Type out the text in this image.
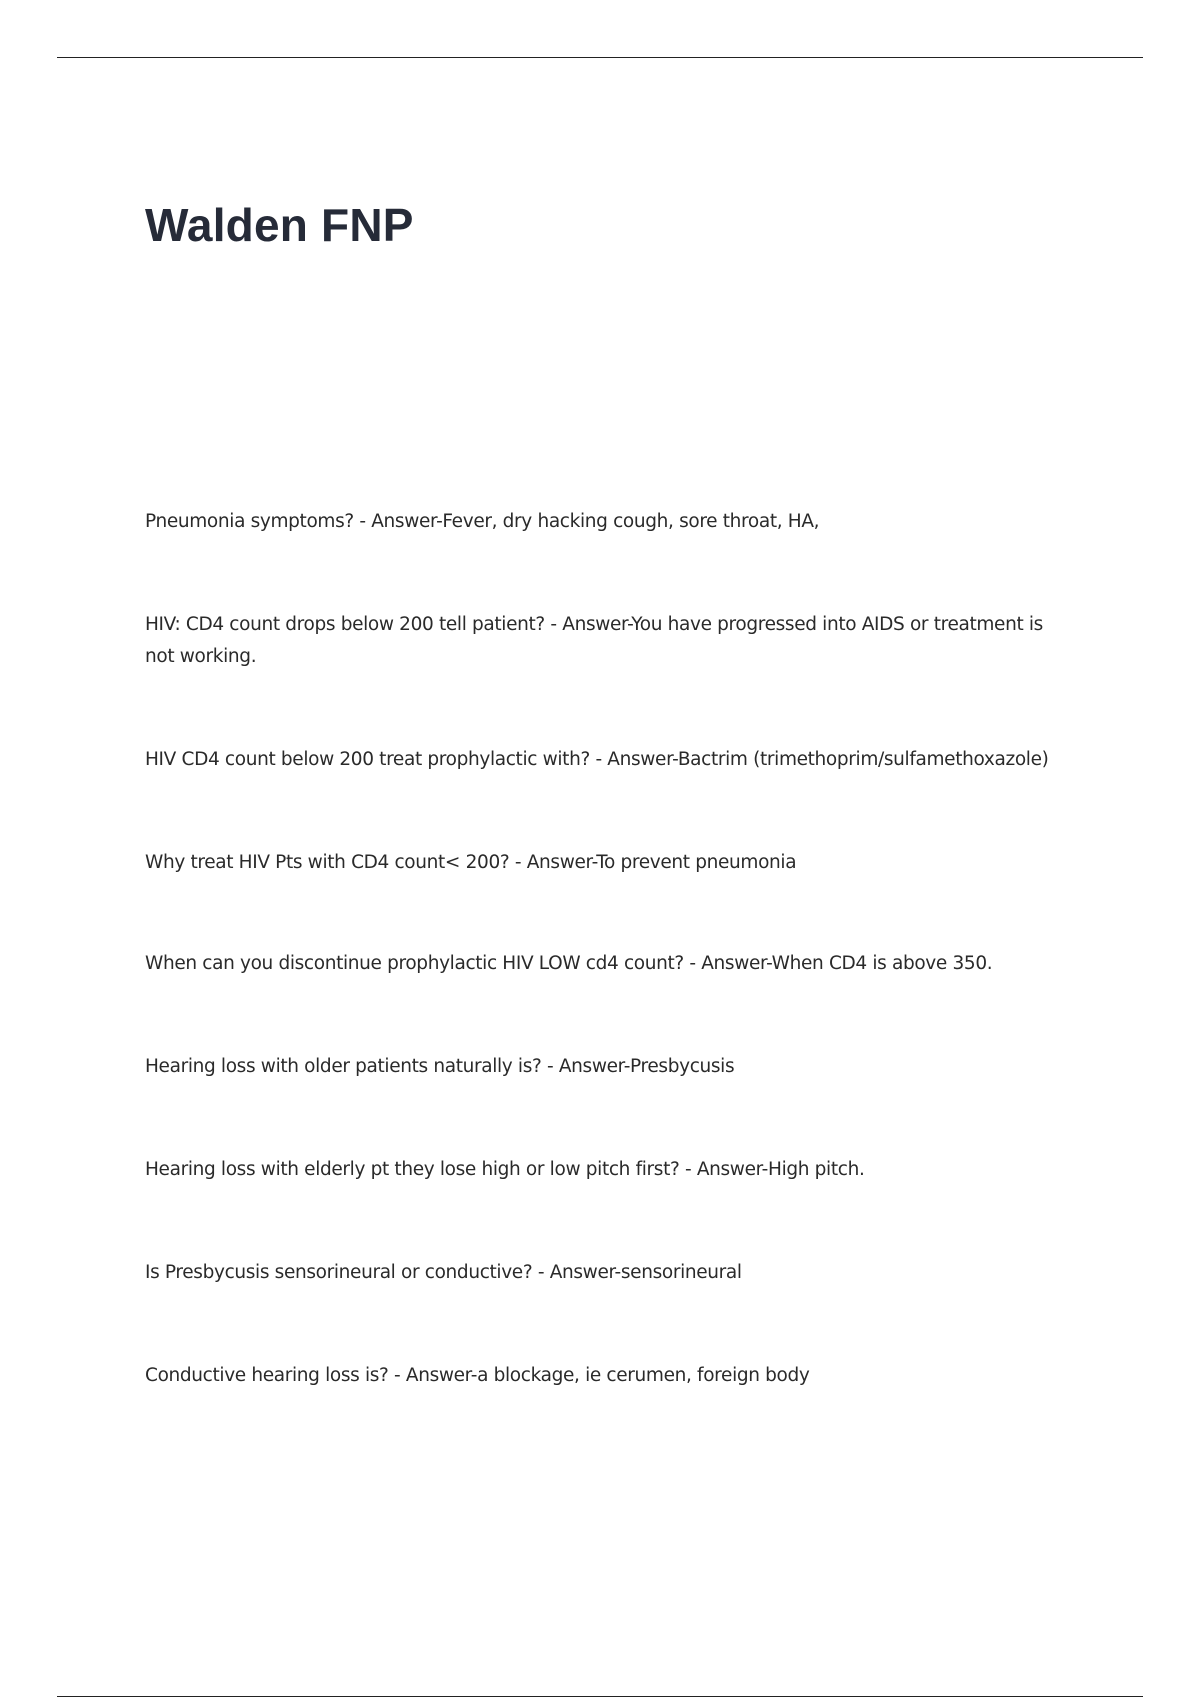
Walden FNP

Pneumonia symptoms? - Answer-Fever, dry hacking cough, sore throat, HA,

HIV: CD4 count drops below 200 tell patient? - Answer-You have progressed into AIDS or treatment is not working.

HIV CD4 count below 200 treat prophylactic with? - Answer-Bactrim (trimethoprim/sulfamethoxazole)

Why treat HIV Pts with CD4 count< 200? - Answer-To prevent pneumonia

When can you discontinue prophylactic HIV LOW cd4 count? - Answer-When CD4 is above 350.

Hearing loss with older patients naturally is? - Answer-Presbycusis

Hearing loss with elderly pt they lose high or low pitch first? - Answer-High pitch.

Is Presbycusis sensorineural or conductive? - Answer-sensorineural

Conductive hearing loss is? - Answer-a blockage, ie cerumen, foreign body
